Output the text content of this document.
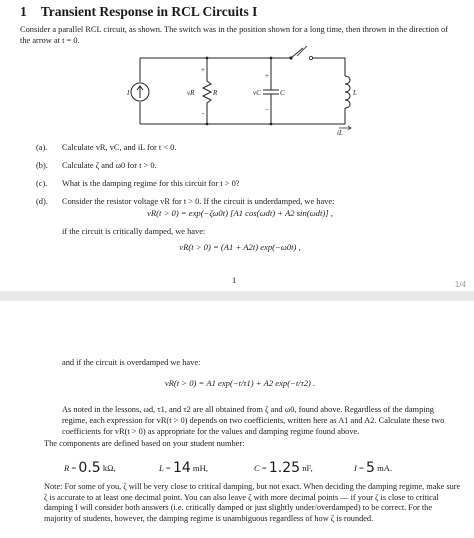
1 Transient Response in RCL Circuits I
Consider a parallel RCL circuit, as shown. The switch was in the position shown for a long time, then thrown in the direction of the arrow at t = 0.
I	R
vR	C
vC	L
iL
+
−
+
−
(a).	Calculate vR, vC, and iL for t < 0.
(b).	Calculate ζ and ω0 for t > 0.
(c).	What is the damping regime for this circuit for t > 0?
(d).	Consider the resistor voltage vR for t > 0. If the circuit is underdamped, we have:
vR(t > 0) = exp(−ζω0t) [A1 cos(ωdt) + A2 sin(ωdt)] ,
if the circuit is critically damped, we have:
vR(t > 0) = (A1 + A2t) exp(−ω0t) ,
1	1/4
and if the circuit is overdamped we have:
vR(t > 0) = A1 exp(−t/τ1) + A2 exp(−t/τ2) .
As noted in the lessons, ωd, τ1, and τ2 are all obtained from ζ and ω0, found above. Regardless of the damping regime, each expression for vR(t > 0) depends on two coefficients, written here as A1 and A2. Calculate these two coefficients for vR(t > 0) as appropriate for the values and damping regime found above.
The components are defined based on your student number:
R = 0.5 kΩ,	L = 14 mH,	C = 1.25 nF,	I = 5 mA.
Note: For some of you, ζ will be very close to critical damping, but not exact. When deciding the damping regime, make sure ζ is accurate to at least one decimal point. You can also leave ζ with more decimal points — if your ζ is close to critical damping I will consider both answers (i.e. critically damped or just slightly under/overdamped) to be correct. For the majority of students, however, the damping regime is unambiguous regardless of how ζ is rounded.
